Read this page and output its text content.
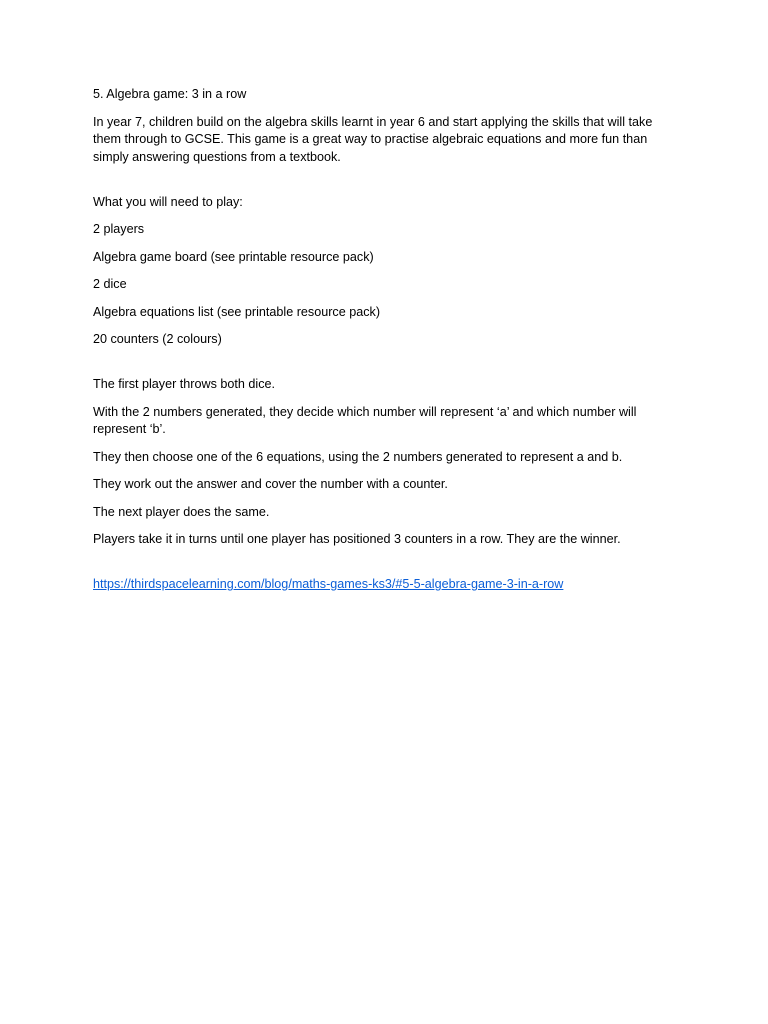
5. Algebra game: 3 in a row

In year 7, children build on the algebra skills learnt in year 6 and start applying the skills that will take them through to GCSE. This game is a great way to practise algebraic equations and more fun than simply answering questions from a textbook.

What you will need to play:

2 players

Algebra game board (see printable resource pack)

2 dice

Algebra equations list (see printable resource pack)

20 counters (2 colours)

The first player throws both dice.

With the 2 numbers generated, they decide which number will represent ‘a’ and which number will represent ‘b’.

They then choose one of the 6 equations, using the 2 numbers generated to represent a and b.

They work out the answer and cover the number with a counter.

The next player does the same.

Players take it in turns until one player has positioned 3 counters in a row. They are the winner.

https://thirdspacelearning.com/blog/maths-games-ks3/#5-5-algebra-game-3-in-a-row
